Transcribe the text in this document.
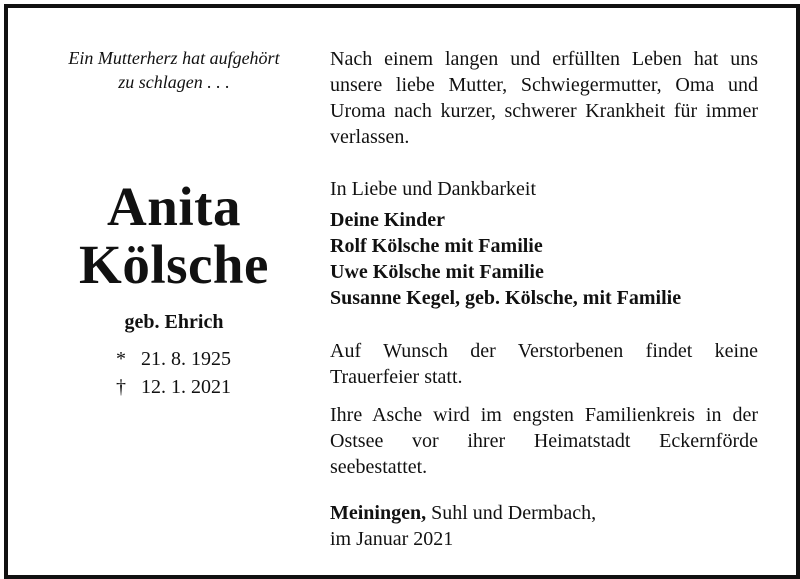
Ein Mutterherz hat aufgehört
zu schlagen . . .
Anita
Kölsche
geb. Ehrich
* 21. 8. 1925
† 12. 1. 2021
Nach einem langen und erfüllten Leben hat uns unsere liebe Mutter, Schwiegermutter, Oma und Uroma nach kurzer, schwerer Krankheit für immer verlassen.
In Liebe und Dankbarkeit
Deine Kinder
Rolf Kölsche mit Familie
Uwe Kölsche mit Familie
Susanne Kegel, geb. Kölsche, mit Familie
Auf Wunsch der Verstorbenen findet keine Trauerfeier statt.
Ihre Asche wird im engsten Familienkreis in der Ostsee vor ihrer Heimatstadt Eckernförde seebestattet.
Meiningen, Suhl und Dermbach,
im Januar 2021
